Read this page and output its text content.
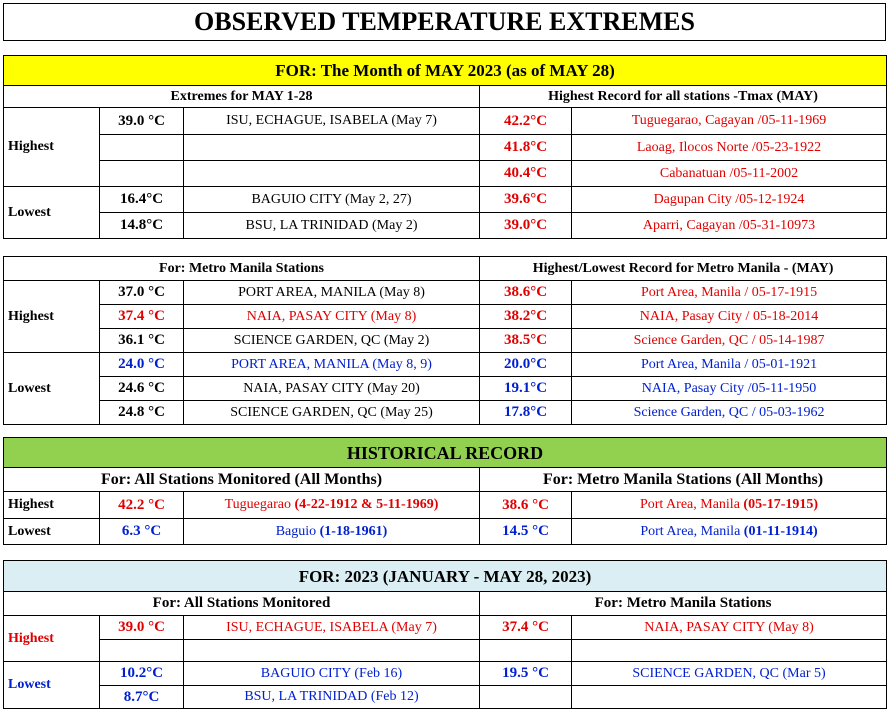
OBSERVED TEMPERATURE EXTREMES
FOR: The Month of MAY 2023 (as of MAY 28)				
Extremes for MAY 1-28			Highest Record for all stations -Tmax (MAY)	
Highest	39.0 °C	ISU, ECHAGUE, ISABELA (May 7)	42.2°C	Tuguegarao, Cagayan /05-11-1969
			41.8°C	Laoag, Ilocos Norte /05-23-1922
			40.4°C	Cabanatuan /05-11-2002
Lowest	16.4°C	BAGUIO CITY (May 2, 27)	39.6°C	Dagupan City /05-12-1924
	14.8°C	BSU, LA TRINIDAD (May 2)	39.0°C	Aparri, Cagayan /05-31-10973
For: Metro Manila Stations			Highest/Lowest Record for Metro Manila - (MAY)	
Highest	37.0 °C	PORT AREA, MANILA (May 8)	38.6°C	Port Area, Manila / 05-17-1915
	37.4 °C	NAIA, PASAY CITY (May 8)	38.2°C	NAIA, Pasay City / 05-18-2014
	36.1 °C	SCIENCE GARDEN, QC (May 2)	38.5°C	Science Garden, QC / 05-14-1987
Lowest	24.0 °C	PORT AREA, MANILA (May 8, 9)	20.0°C	Port Area, Manila / 05-01-1921
	24.6 °C	NAIA, PASAY CITY (May 20)	19.1°C	NAIA, Pasay City /05-11-1950
	24.8 °C	SCIENCE GARDEN, QC (May 25)	17.8°C	Science Garden, QC / 05-03-1962
HISTORICAL RECORD				
For: All Stations Monitored (All Months)			For: Metro Manila Stations (All Months)	
Highest	42.2 °C	Tuguegarao (4-22-1912 & 5-11-1969)	38.6 °C	Port Area, Manila (05-17-1915)
Lowest	6.3 °C	Baguio (1-18-1961)	14.5 °C	Port Area, Manila (01-11-1914)
FOR: 2023 (JANUARY - MAY 28, 2023)				
For: All Stations Monitored			For: Metro Manila Stations	
Highest	39.0 °C	ISU, ECHAGUE, ISABELA (May 7)	37.4 °C	NAIA, PASAY CITY (May 8)

Lowest	10.2°C	BAGUIO CITY (Feb 16)	19.5 °C	SCIENCE GARDEN, QC (Mar 5)
	8.7°C	BSU, LA TRINIDAD (Feb 12)		
